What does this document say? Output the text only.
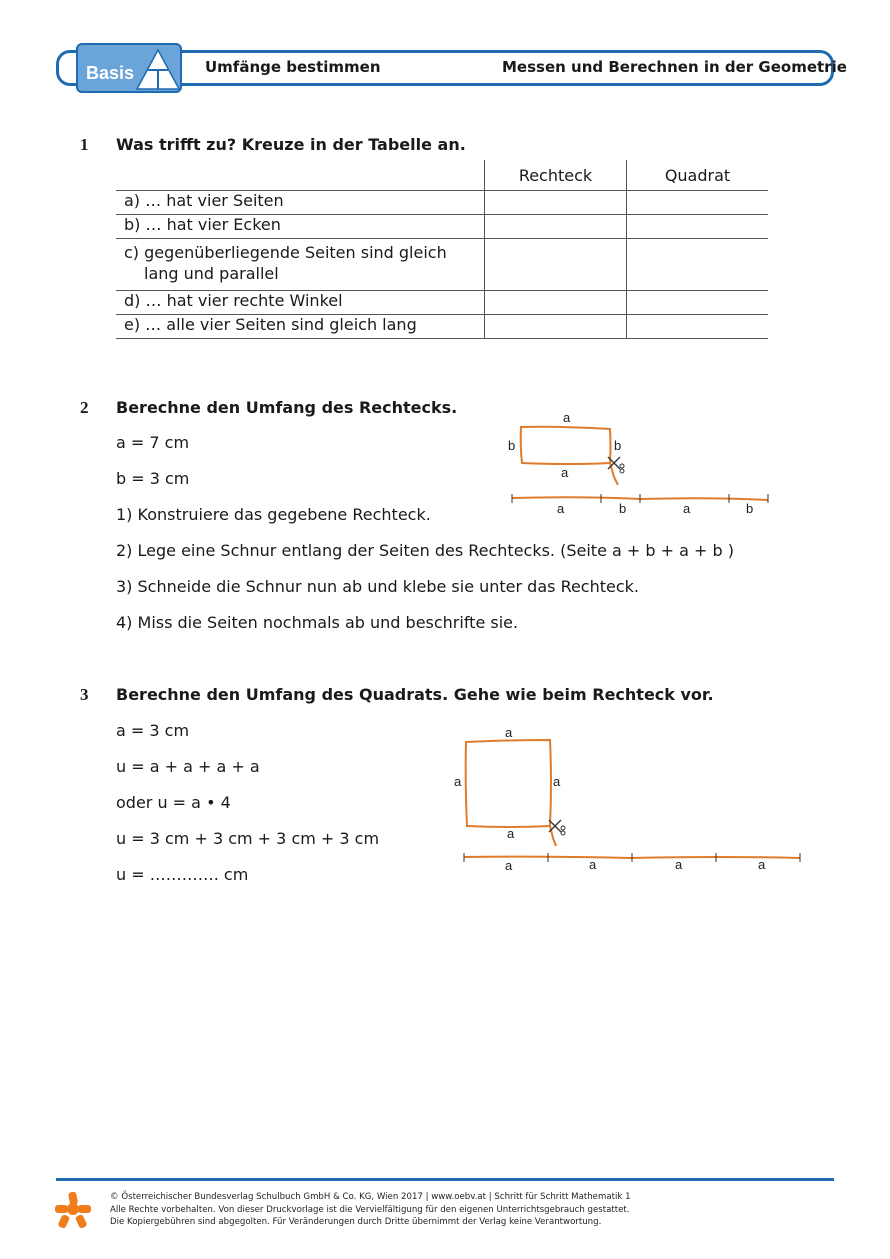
Basis	Umfänge bestimmen	Messen und Berechnen in der Geometrie
1 Was trifft zu? Kreuze in der Tabelle an.
	Rechteck	Quadrat
a) … hat vier Seiten		
b) … hat vier Ecken		

c) gegenüberliegende Seiten sind gleich
lang und parallel		

d) … hat vier rechte Winkel		
e) … alle vier Seiten sind gleich lang		
2 Berechne den Umfang des Rechtecks.
a = 7 cm
b = 3 cm
1) Konstruiere das gegebene Rechteck.
2) Lege eine Schnur entlang der Seiten des Rechtecks. (Seite a + b + a + b )
3) Schneide die Schnur nun ab und klebe sie unter das Rechteck.
4) Miss die Seiten nochmals ab und beschrifte sie.
a
b	b
a
a	b	a	b
3 Berechne den Umfang des Quadrats. Gehe wie beim Rechteck vor.
a = 3 cm
u = a + a + a + a
oder u = a • 4
u = 3 cm + 3 cm + 3 cm + 3 cm
u = …………. cm
a
a	a
a
a	a	a	a
© Österreichischer Bundesverlag Schulbuch GmbH & Co. KG, Wien 2017 | www.oebv.at | Schritt für Schritt Mathematik 1
Alle Rechte vorbehalten. Von dieser Druckvorlage ist die Vervielfältigung für den eigenen Unterrichtsgebrauch gestattet.
Die Kopiergebühren sind abgegolten. Für Veränderungen durch Dritte übernimmt der Verlag keine Verantwortung.
